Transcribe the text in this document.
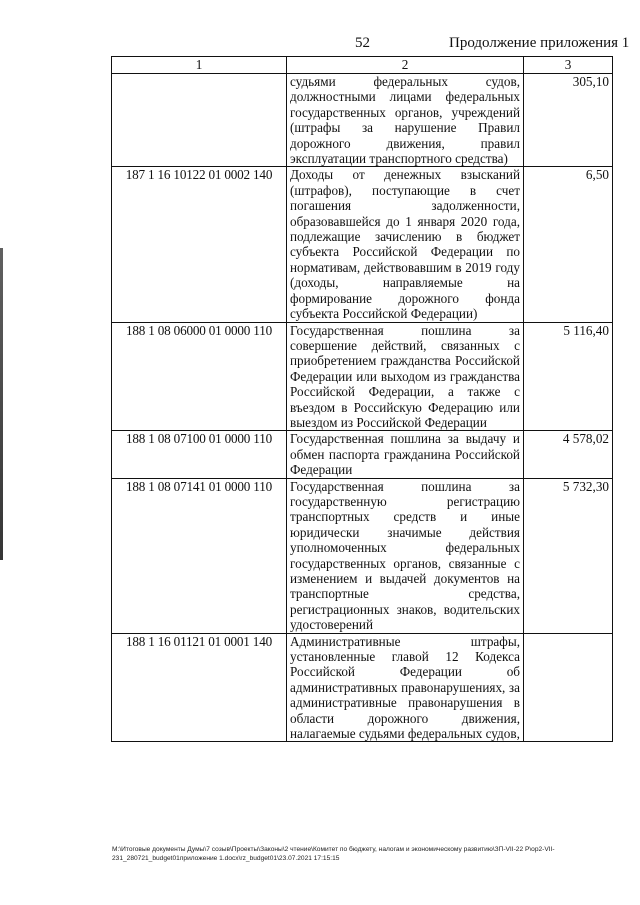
52	Продолжение приложения 1
1	2	3
	судьями федеральных судов, должностными лицами федеральных государственных органов, учреждений (штрафы за нарушение Правил дорожного движения, правил эксплуатации транспортного средства)	305,10
187 1 16 10122 01 0002 140	Доходы от денежных взысканий (штрафов), поступающие в счет погашения задолженности, образовавшейся до 1 января 2020 года, подлежащие зачислению в бюджет субъекта Российской Федерации по нормативам, действовавшим в 2019 году (доходы, направляемые на формирование дорожного фонда субъекта Российской Федерации)	6,50
188 1 08 06000 01 0000 110	Государственная пошлина за совершение действий, связанных с приобретением гражданства Российской Федерации или выходом из гражданства Российской Федерации, а также с въездом в Российскую Федерацию или выездом из Российской Федерации	5 116,40
188 1 08 07100 01 0000 110	Государственная пошлина за выдачу и обмен паспорта гражданина Российской Федерации	4 578,02
188 1 08 07141 01 0000 110	Государственная пошлина за государственную регистрацию транспортных средств и иные юридически значимые действия уполномоченных федеральных государственных органов, связанные с изменением и выдачей документов на транспортные средства, регистрационных знаков, водительских удостоверений	5 732,30
188 1 16 01121 01 0001 140	Административные штрафы, установленные главой 12 Кодекса Российской Федерации об административных правонарушениях, за административные правонарушения в области дорожного движения, налагаемые судьями федеральных судов,	
M:\Итоговые документы Думы\7 созыв\Проекты\Законы\2 чтение\Комитет по бюджету, налогам и экономическому развитию\ЗП-VII-22 Р\ор2-VII-231_280721_budget01приложение 1.docx\rz_budget01\23.07.2021 17:15:15
